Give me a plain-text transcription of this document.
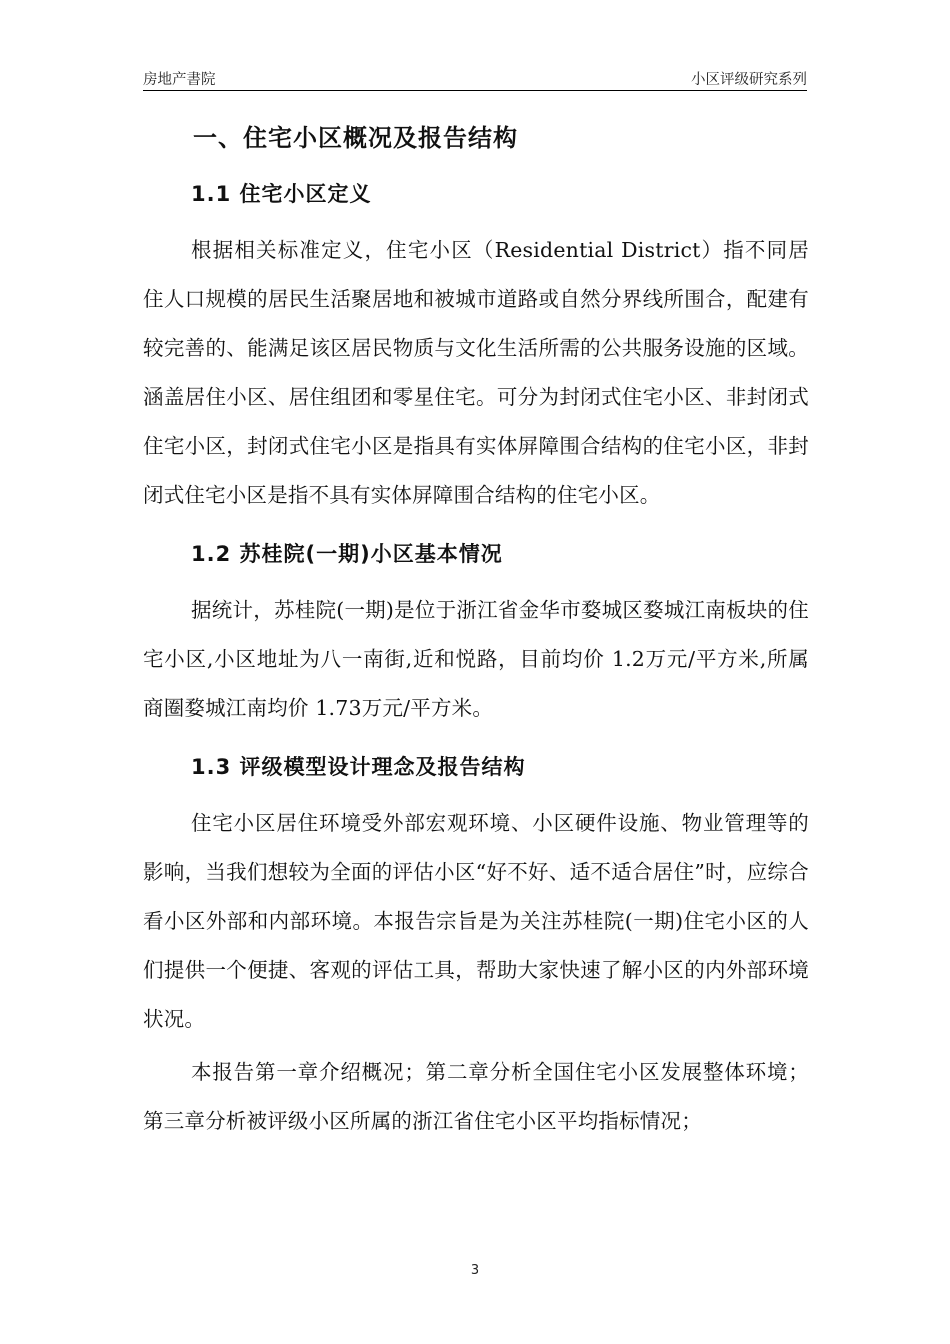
房地产書院	小区评级研究系列
一、住宅小区概况及报告结构
1.1 住宅小区定义

根据相关标准定义，住宅小区（Residential District）指不同居住人口规模的居民生活聚居地和被城市道路或自然分界线所围合，配建有较完善的、能满足该区居民物质与文化生活所需的公共服务设施的区域。涵盖居住小区、居住组团和零星住宅。可分为封闭式住宅小区、非封闭式住宅小区，封闭式住宅小区是指具有实体屏障围合结构的住宅小区，非封闭式住宅小区是指不具有实体屏障围合结构的住宅小区。

1.2 苏桂院(一期)小区基本情况

据统计，苏桂院(一期)是位于浙江省金华市婺城区婺城江南板块的住宅小区,小区地址为八一南街,近和悦路，目前均价 1.2万元/平方米,所属商圈婺城江南均价 1.73万元/平方米。

1.3 评级模型设计理念及报告结构

住宅小区居住环境受外部宏观环境、小区硬件设施、物业管理等的影响，当我们想较为全面的评估小区“好不好、适不适合居住”时，应综合看小区外部和内部环境。本报告宗旨是为关注苏桂院(一期)住宅小区的人们提供一个便捷、客观的评估工具，帮助大家快速了解小区的内外部环境状况。

本报告第一章介绍概况；第二章分析全国住宅小区发展整体环境；第三章分析被评级小区所属的浙江省住宅小区平均指标情况；

3
